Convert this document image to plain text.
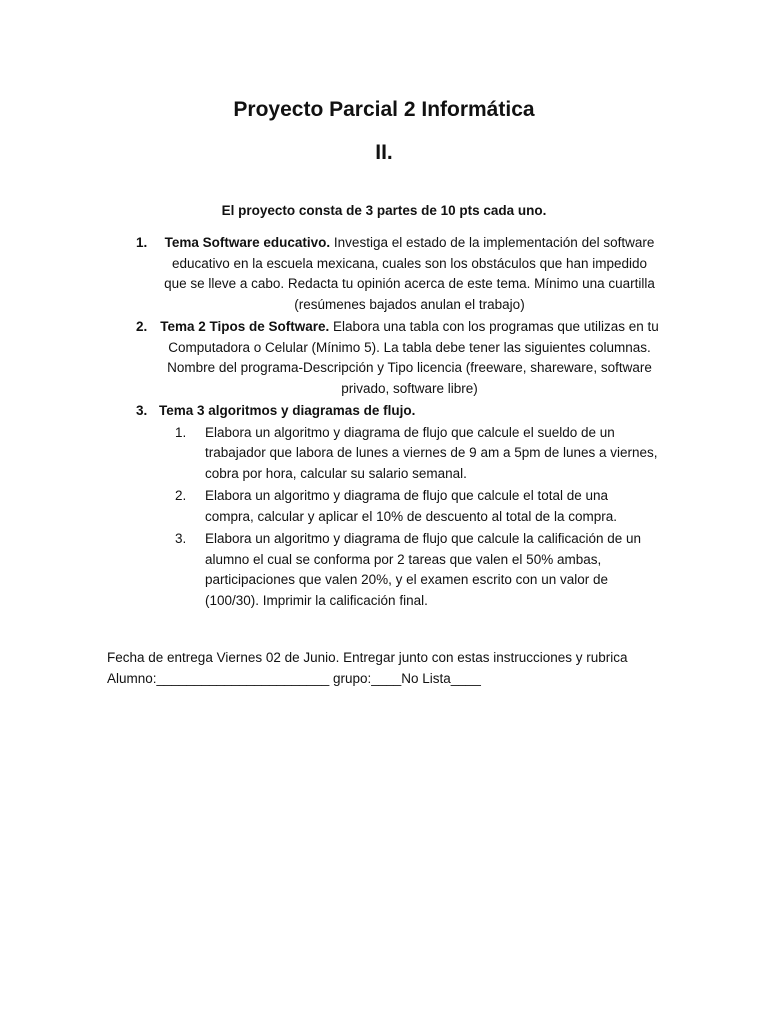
Proyecto Parcial 2 Informática
II.

El proyecto consta de 3 partes de 10 pts cada uno.

1. Tema Software educativo. Investiga el estado de la implementación del software educativo en la escuela mexicana, cuales son los obstáculos que han impedido que se lleve a cabo. Redacta tu opinión acerca de este tema. Mínimo una cuartilla (resúmenes bajados anulan el trabajo)
2. Tema 2 Tipos de Software. Elabora una tabla con los programas que utilizas en tu Computadora o Celular (Mínimo 5). La tabla debe tener las siguientes columnas. Nombre del programa-Descripción y Tipo licencia (freeware, shareware, software privado, software libre)
3. Tema 3 algoritmos y diagramas de flujo.
1. Elabora un algoritmo y diagrama de flujo que calcule el sueldo de un trabajador que labora de lunes a viernes de 9 am a 5pm de lunes a viernes, cobra por hora, calcular su salario semanal.
2. Elabora un algoritmo y diagrama de flujo que calcule el total de una compra, calcular y aplicar el 10% de descuento al total de la compra.
3. Elabora un algoritmo y diagrama de flujo que calcule la calificación de un alumno el cual se conforma por 2 tareas que valen el 50% ambas, participaciones que valen 20%, y el examen escrito con un valor de (100/30). Imprimir la calificación final.
Fecha de entrega Viernes 02 de Junio. Entregar junto con estas instrucciones y rubrica
Alumno:_______________________ grupo:____No Lista____
